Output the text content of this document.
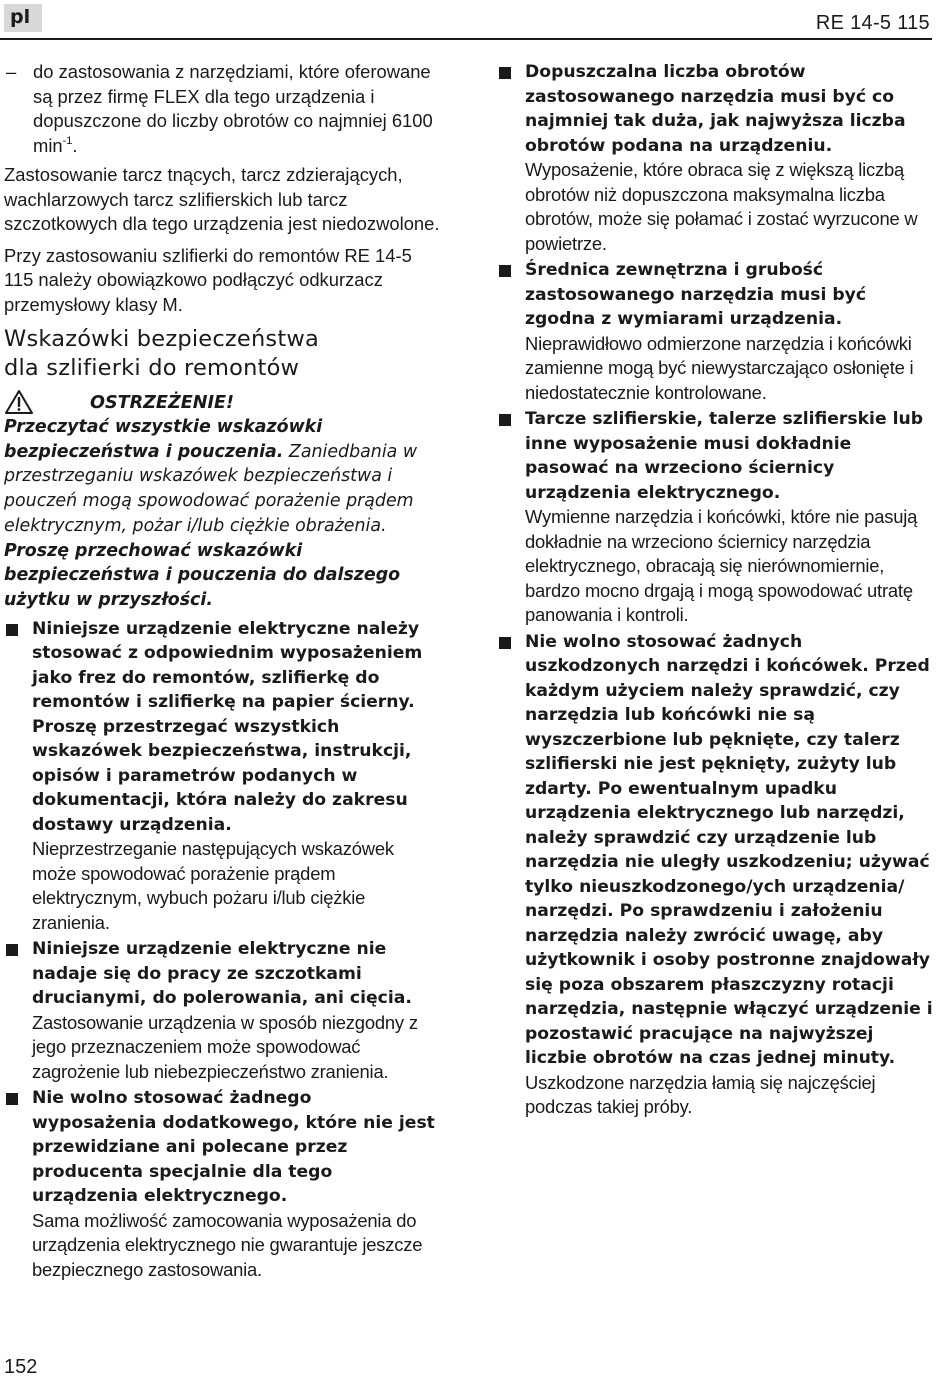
pl	RE 14-5 115

– do zastosowania z narzędziami, które oferowane są przez firmę FLEX dla tego urządzenia i dopuszczone do liczby obrotów co najmniej 6100 $\min^{-1}$.

Zastosowanie tarcz tnących, tarcz zdzierających, wachlarzowych tarcz szlifierskich lub tarcz szczotkowych dla tego urządzenia jest niedozwolone.

Przy zastosowaniu szlifierki do remontów RE 14-5 115 należy obowiązkowo podłączyć odkurzacz przemysłowy klasy M.

Wskazówki bezpieczeństwa
dla szlifierki do remontów
OSTRZEŻENIE!

Przeczytać wszystkie wskazówki bezpieczeństwa i pouczenia. Zaniedbania w przestrzeganiu wskazówek bezpieczeństwa i pouczeń mogą spowodować porażenie prądem elektrycznym, pożar i/lub ciężkie obrażenia. Proszę przechować wskazówki bezpieczeństwa i pouczenia do dalszego użytku w przyszłości.

Niniejsze urządzenie elektryczne należy stosować z odpowiednim wyposażeniem jako frez do remontów, szlifierkę do remontów i szlifierkę na papier ścierny. Proszę przestrzegać wszystkich wskazówek bezpieczeństwa, instrukcji, opisów i parametrów podanych w dokumentacji, która należy do zakresu dostawy urządzenia.

Nieprzestrzeganie następujących wskazówek może spowodować porażenie prądem elektrycznym, wybuch pożaru i/lub ciężkie zranienia.

Niniejsze urządzenie elektryczne nie nadaje się do pracy ze szczotkami drucianymi, do polerowania, ani cięcia.

Zastosowanie urządzenia w sposób niezgodny z jego przeznaczeniem może spowodować zagrożenie lub niebezpieczeństwo zranienia.

Nie wolno stosować żadnego wyposażenia dodatkowego, które nie jest przewidziane ani polecane przez producenta specjalnie dla tego urządzenia elektrycznego.

Sama możliwość zamocowania wyposażenia do urządzenia elektrycznego nie gwarantuje jeszcze bezpiecznego zastosowania.

Dopuszczalna liczba obrotów zastosowanego narzędzia musi być co najmniej tak duża, jak najwyższa liczba obrotów podana na urządzeniu.

Wyposażenie, które obraca się z większą liczbą obrotów niż dopuszczona maksymalna liczba obrotów, może się połamać i zostać wyrzucone w powietrze.

Średnica zewnętrzna i grubość zastosowanego narzędzia musi być zgodna z wymiarami urządzenia.

Nieprawidłowo odmierzone narzędzia i końcówki zamienne mogą być niewystarczająco osłonięte i niedostatecznie kontrolowane.

Tarcze szlifierskie, talerze szlifierskie lub inne wyposażenie musi dokładnie pasować na wrzeciono ściernicy urządzenia elektrycznego.

Wymienne narzędzia i końcówki, które nie pasują dokładnie na wrzeciono ściernicy narzędzia elektrycznego, obracają się nierównomiernie, bardzo mocno drgają i mogą spowodować utratę panowania i kontroli.

Nie wolno stosować żadnych uszkodzonych narzędzi i końcówek. Przed każdym użyciem należy sprawdzić, czy narzędzia lub końcówki nie są wyszczerbione lub pęknięte, czy talerz szlifierski nie jest pęknięty, zużyty lub zdarty. Po ewentualnym upadku urządzenia elektrycznego lub narzędzi, należy sprawdzić czy urządzenie lub narzędzia nie uległy uszkodzeniu; używać tylko nieuszkodzonego/ych urządzenia/ narzędzi. Po sprawdzeniu i założeniu narzędzia należy zwrócić uwagę, aby użytkownik i osoby postronne znajdowały się poza obszarem płaszczyzny rotacji narzędzia, następnie włączyć urządzenie i pozostawić pracujące na najwyższej liczbie obrotów na czas jednej minuty.

Uszkodzone narzędzia łamią się najczęściej podczas takiej próby.

152
